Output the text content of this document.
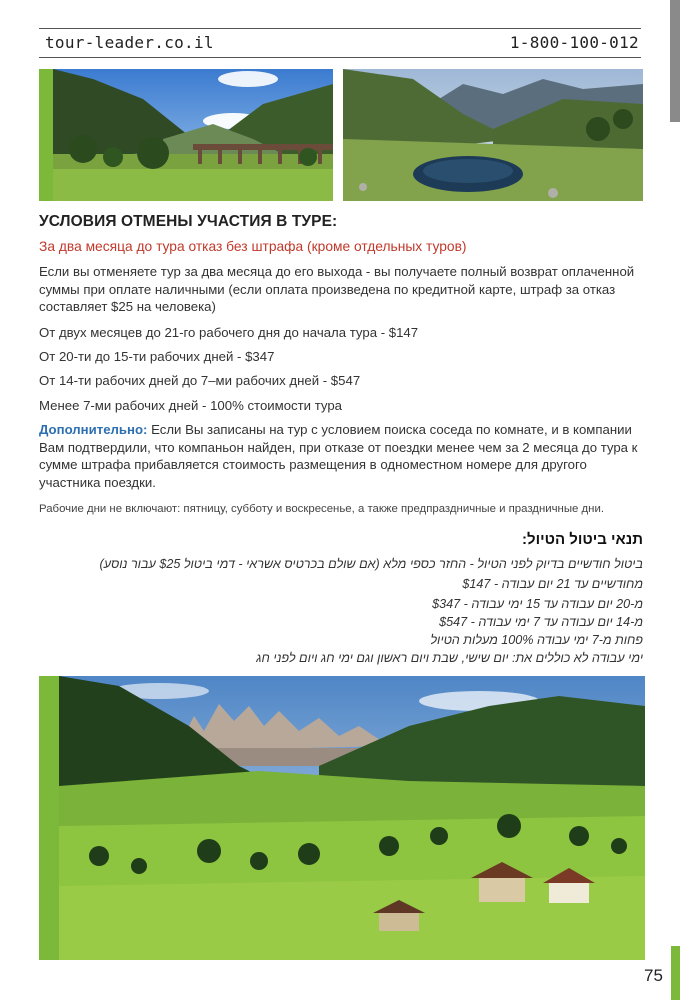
tour-leader.co.il	1-800-100-012
УСЛОВИЯ ОТМЕНЫ УЧАСТИЯ В ТУРЕ:
За два месяца до тура отказ без штрафа (кроме отдельных туров)
Если вы отменяете тур за два месяца до его выхода - вы получаете полный возврат оплаченной суммы при оплате наличными (если оплата произведена по кредитной карте, штраф за отказ составляет $25 на человека)
От двух месяцев до 21-го рабочего дня до начала тура - $147
От 20-ти до 15-ти рабочих дней - $347
От 14-ти рабочих дней до 7–ми рабочих дней - $547
Менее 7-ми рабочих дней - 100% стоимости тура
Дополнительно: Если Вы записаны на тур с условием поиска соседа по комнате, и в компании Вам подтвердили, что компаньон найден, при отказе от поездки менее чем за 2 месяца до тура к сумме штрафа прибавляется стоимость размещения в одноместном номере для другого участника поездки.
Рабочие дни не включают: пятницу, субботу и воскресенье, а также предпраздничные и праздничные дни.
תנאי ביטול הטיול:
ביטול חודשיים בדיוק לפני הטיול - החזר כספי מלא (אם שולם בכרטיס אשראי - דמי ביטול $25 עבור נוסע)
מחודשיים עד 21 יום עבודה - $147
מ-20 יום עבודה עד 15 ימי עבודה - $347
מ-14 יום עבודה עד 7 ימי עבודה - $547
פחות מ-7 ימי עבודה 100% מעלות הטיול
ימי עבודה לא כוללים את: יום שישי, שבת ויום ראשון וגם ימי חג ויום לפני חג
75
